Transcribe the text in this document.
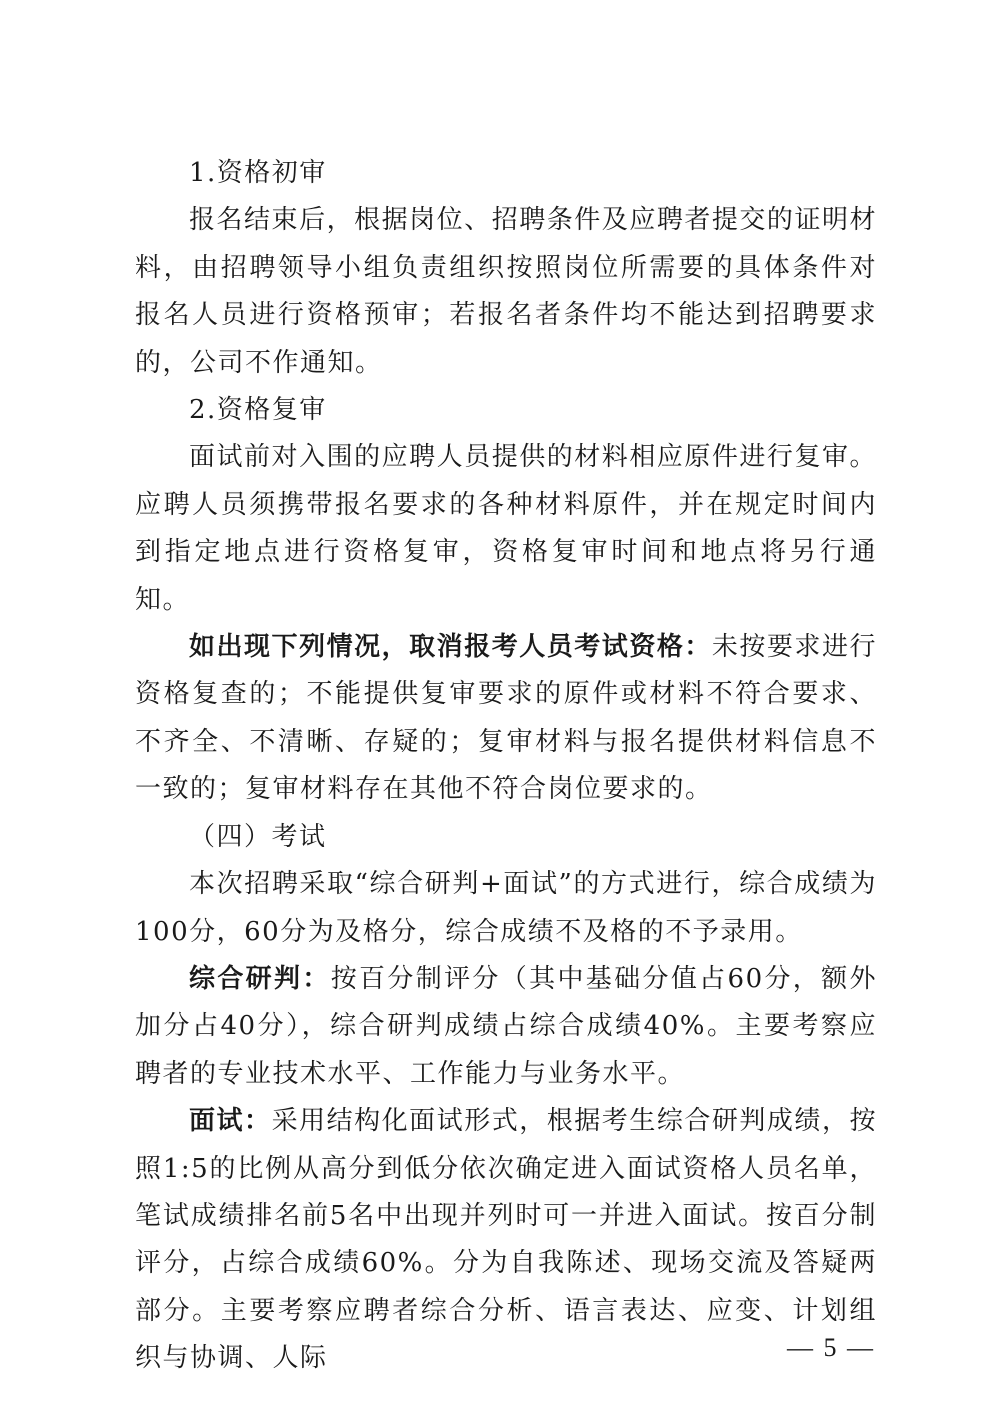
1.资格初审

报名结束后，根据岗位、招聘条件及应聘者提交的证明材料，由招聘领导小组负责组织按照岗位所需要的具体条件对报名人员进行资格预审；若报名者条件均不能达到招聘要求的，公司不作通知。

2.资格复审

面试前对入围的应聘人员提供的材料相应原件进行复审。应聘人员须携带报名要求的各种材料原件，并在规定时间内到指定地点进行资格复审，资格复审时间和地点将另行通知。

如出现下列情况，取消报考人员考试资格：未按要求进行资格复查的；不能提供复审要求的原件或材料不符合要求、不齐全、不清晰、存疑的；复审材料与报名提供材料信息不一致的；复审材料存在其他不符合岗位要求的。

（四）考试

本次招聘采取“综合研判+面试”的方式进行，综合成绩为100分，60分为及格分，综合成绩不及格的不予录用。

综合研判：按百分制评分（其中基础分值占60分，额外加分占40分），综合研判成绩占综合成绩40%。主要考察应聘者的专业技术水平、工作能力与业务水平。

面试：采用结构化面试形式，根据考生综合研判成绩，按照1:5的比例从高分到低分依次确定进入面试资格人员名单，笔试成绩排名前5名中出现并列时可一并进入面试。按百分制评分，占综合成绩60%。分为自我陈述、现场交流及答疑两部分。主要考察应聘者综合分析、语言表达、应变、计划组织与协调、人际	— 5 —
